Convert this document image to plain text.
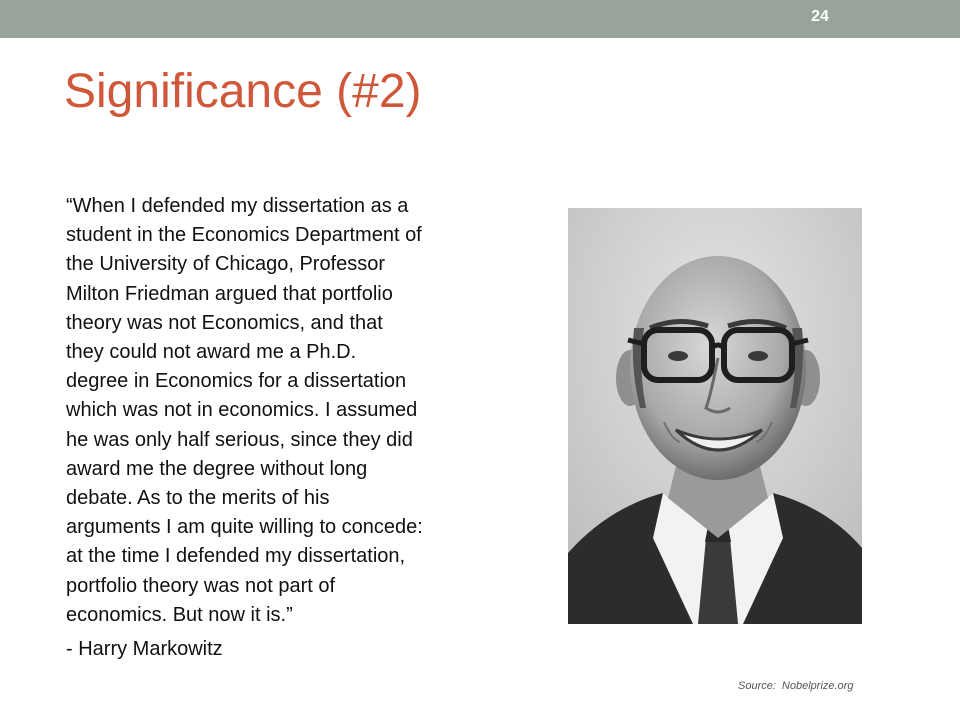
24
Significance (#2)

“When I defended my dissertation as a
student in the Economics Department of
the University of Chicago, Professor
Milton Friedman argued that portfolio
theory was not Economics, and that
they could not award me a Ph.D.
degree in Economics for a dissertation
which was not in economics. I assumed
he was only half serious, since they did
award me the degree without long
debate. As to the merits of his
arguments I am quite willing to concede:
at the time I defended my dissertation,
portfolio theory was not part of
economics. But now it is.”

- Harry Markowitz
Source: Nobelprize.org
